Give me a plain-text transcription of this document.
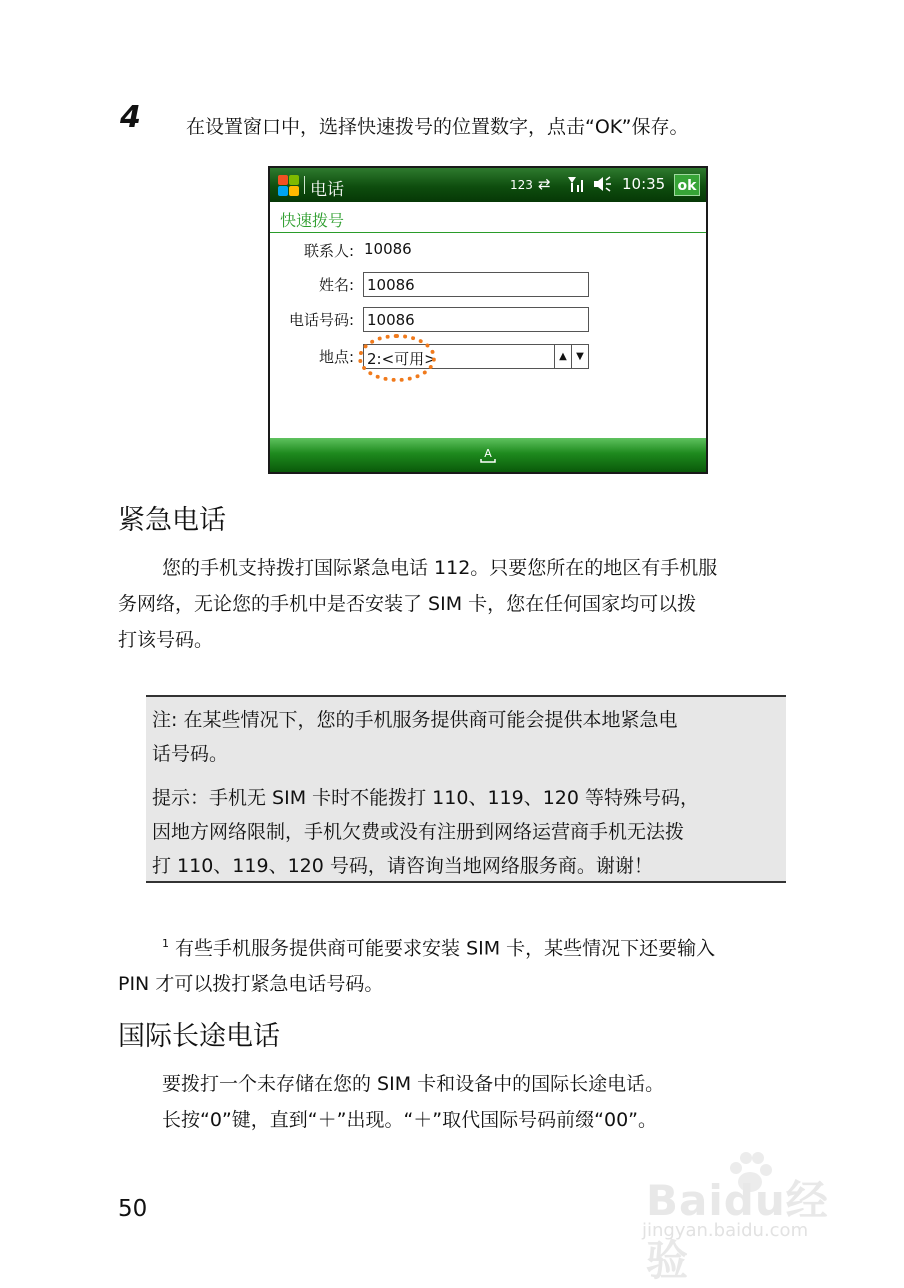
4 在设置窗口中，选择快速拨号的位置数字，点击“OK”保存。
电话	123 ⇄	10:35 ok
快速拨号
联系人: 10086
姓名: 10086
电话号码: 10086
地点: 2:<可用>	▲ ▼
A
紧急电话
您的手机支持拨打国际紧急电话 112。只要您所在的地区有手机服
务网络，无论您的手机中是否安装了 SIM 卡，您在任何国家均可以拨
打该号码。
注: 在某些情况下，您的手机服务提供商可能会提供本地紧急电
话号码。
提示：手机无 SIM 卡时不能拨打 110、119、120 等特殊号码，
因地方网络限制，手机欠费或没有注册到网络运营商手机无法拨
打 110、119、120 号码，请咨询当地网络服务商。谢谢！
$^1$ 有些手机服务提供商可能要求安装 SIM 卡，某些情况下还要输入
PIN 才可以拨打紧急电话号码。
国际长途电话
要拨打一个未存储在您的 SIM 卡和设备中的国际长途电话。
长按“0”键，直到“＋”出现。“＋”取代国际号码前缀“00”。
50	Baidu经验
jingyan.baidu.com
